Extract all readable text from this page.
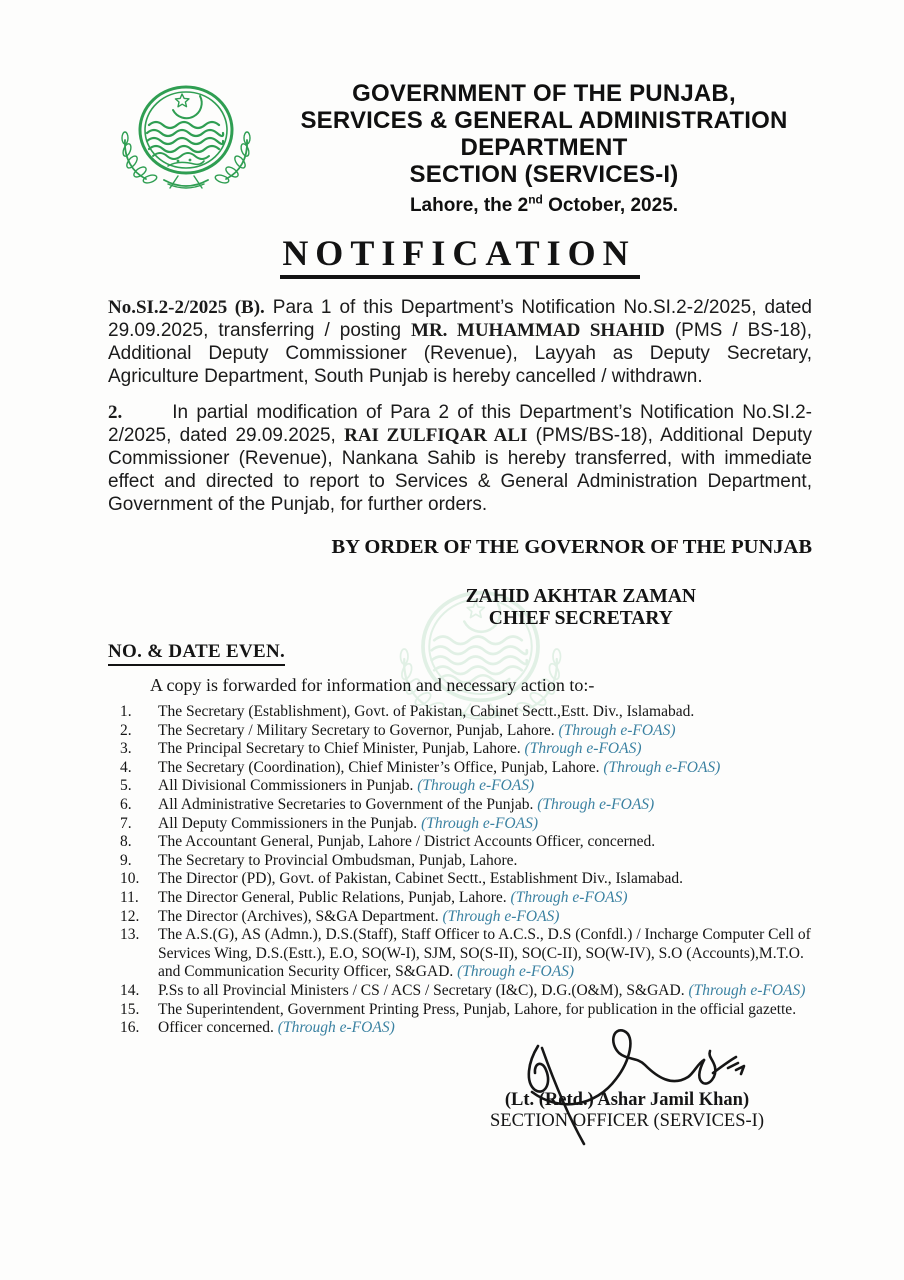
GOVERNMENT OF THE PUNJAB,
SERVICES & GENERAL ADMINISTRATION
DEPARTMENT
SECTION (SERVICES-I)
Lahore, the 2nd October, 2025.
NOTIFICATION

No.SI.2-2/2025 (B). Para 1 of this Department’s Notification No.SI.2-2/2025, dated 29.09.2025, transferring / posting MR. MUHAMMAD SHAHID (PMS / BS-18), Additional Deputy Commissioner (Revenue), Layyah as Deputy Secretary, Agriculture Department, South Punjab is hereby cancelled / withdrawn.

2.	In partial modification of Para 2 of this Department’s Notification No.SI.2-2/2025, dated 29.09.2025, RAI ZULFIQAR ALI (PMS/BS-18), Additional Deputy Commissioner (Revenue), Nankana Sahib is hereby transferred, with immediate effect and directed to report to Services & General Administration Department, Government of the Punjab, for further orders.

BY ORDER OF THE GOVERNOR OF THE PUNJAB
ZAHID AKHTAR ZAMAN
CHIEF SECRETARY
NO. & DATE EVEN.
A copy is forwarded for information and necessary action to:-
1.	The Secretary (Establishment), Govt. of Pakistan, Cabinet Sectt.,Estt. Div., Islamabad.
2.	The Secretary / Military Secretary to Governor, Punjab, Lahore. (Through e-FOAS)
3.	The Principal Secretary to Chief Minister, Punjab, Lahore. (Through e-FOAS)
4.	The Secretary (Coordination), Chief Minister’s Office, Punjab, Lahore. (Through e-FOAS)
5.	All Divisional Commissioners in Punjab. (Through e-FOAS)
6.	All Administrative Secretaries to Government of the Punjab. (Through e-FOAS)
7.	All Deputy Commissioners in the Punjab. (Through e-FOAS)
8.	The Accountant General, Punjab, Lahore / District Accounts Officer, concerned.
9.	The Secretary to Provincial Ombudsman, Punjab, Lahore.
10.	The Director (PD), Govt. of Pakistan, Cabinet Sectt., Establishment Div., Islamabad.
11.	The Director General, Public Relations, Punjab, Lahore. (Through e-FOAS)
12.	The Director (Archives), S&GA Department. (Through e-FOAS)
13.	The A.S.(G), AS (Admn.), D.S.(Staff), Staff Officer to A.C.S., D.S (Confdl.) / Incharge Computer Cell of Services Wing, D.S.(Estt.), E.O, SO(W-I), SJM, SO(S-II), SO(C-II), SO(W-IV), S.O (Accounts),M.T.O. and Communication Security Officer, S&GAD. (Through e-FOAS)
14.	P.Ss to all Provincial Ministers / CS / ACS / Secretary (I&C), D.G.(O&M), S&GAD. (Through e-FOAS)
15.	The Superintendent, Government Printing Press, Punjab, Lahore, for publication in the official gazette.
16.	Officer concerned. (Through e-FOAS)
(Lt. (Retd.) Ashar Jamil Khan)
SECTION OFFICER (SERVICES-I)
